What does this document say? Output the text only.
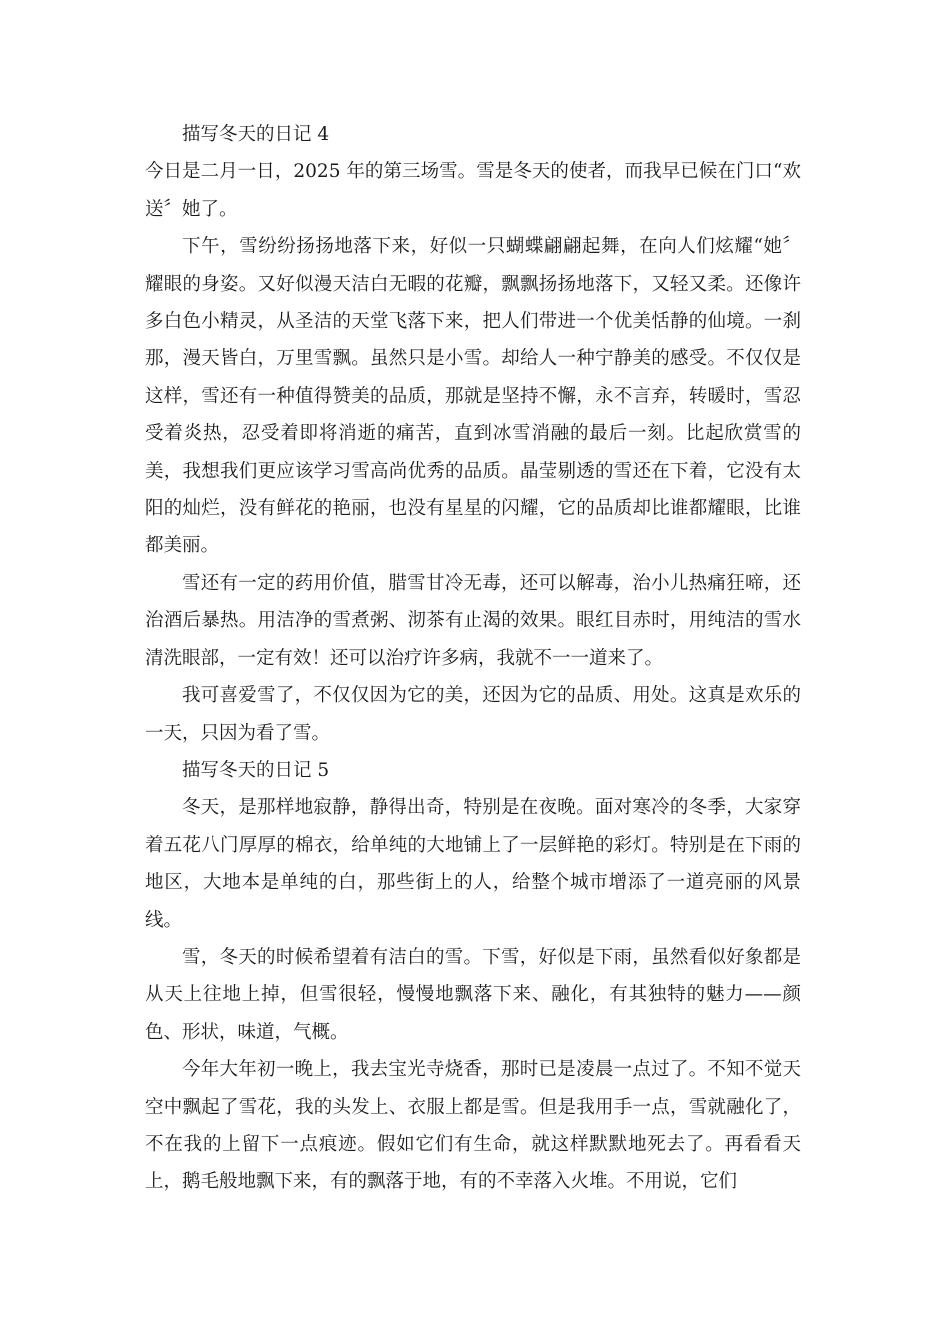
描写冬天的日记 4

今日是二月一日，2025 年的第三场雪。雪是冬天的使者，而我早已候在门口“欢送〞她了。

下午，雪纷纷扬扬地落下来，好似一只蝴蝶翩翩起舞，在向人们炫耀“她〞耀眼的身姿。又好似漫天洁白无暇的花瓣，飘飘扬扬地落下，又轻又柔。还像许多白色小精灵，从圣洁的天堂飞落下来，把人们带进一个优美恬静的仙境。一刹那，漫天皆白，万里雪飘。虽然只是小雪。却给人一种宁静美的感受。不仅仅是这样，雪还有一种值得赞美的品质，那就是坚持不懈，永不言弃，转暖时，雪忍受着炎热，忍受着即将消逝的痛苦，直到冰雪消融的最后一刻。比起欣赏雪的美，我想我们更应该学习雪高尚优秀的品质。晶莹剔透的雪还在下着，它没有太阳的灿烂，没有鲜花的艳丽，也没有星星的闪耀，它的品质却比谁都耀眼，比谁都美丽。

雪还有一定的药用价值，腊雪甘冷无毒，还可以解毒，治小儿热痛狂啼，还治酒后暴热。用洁净的雪煮粥、沏茶有止渴的效果。眼红目赤时，用纯洁的雪水清洗眼部，一定有效！还可以治疗许多病，我就不一一道来了。

我可喜爱雪了，不仅仅因为它的美，还因为它的品质、用处。这真是欢乐的一天，只因为看了雪。

描写冬天的日记 5

冬天，是那样地寂静，静得出奇，特别是在夜晚。面对寒冷的冬季，大家穿着五花八门厚厚的棉衣，给单纯的大地铺上了一层鲜艳的彩灯。特别是在下雨的地区，大地本是单纯的白，那些街上的人，给整个城市增添了一道亮丽的风景线。

雪，冬天的时候希望着有洁白的雪。下雪，好似是下雨，虽然看似好象都是从天上往地上掉，但雪很轻，慢慢地飘落下来、融化，有其独特的魅力——颜色、形状，味道，气概。

今年大年初一晚上，我去宝光寺烧香，那时已是凌晨一点过了。不知不觉天空中飘起了雪花，我的头发上、衣服上都是雪。但是我用手一点，雪就融化了，不在我的上留下一点痕迹。假如它们有生命，就这样默默地死去了。再看看天上，鹅毛般地飘下来，有的飘落于地，有的不幸落入火堆。不用说，它们
